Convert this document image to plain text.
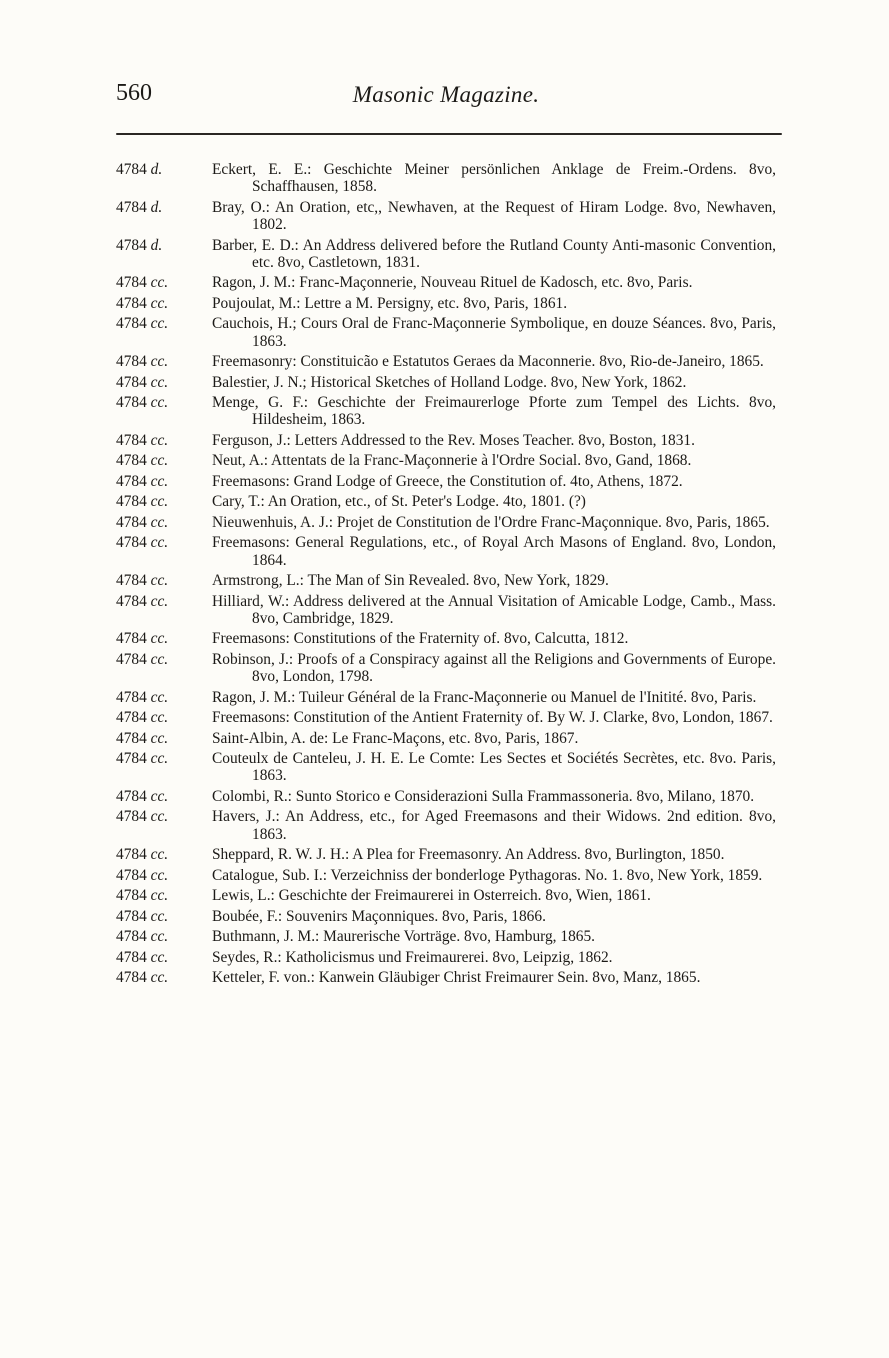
560	Masonic Magazine.
4784 d.	Eckert, E. E.: Geschichte Meiner persönlichen Anklage de Freim.-Ordens. 8vo, Schaffhausen, 1858.
4784 d.	Bray, O.: An Oration, etc,, Newhaven, at the Request of Hiram Lodge. 8vo, Newhaven, 1802.
4784 d.	Barber, E. D.: An Address delivered before the Rutland County Anti-masonic Convention, etc. 8vo, Castletown, 1831.
4784 cc.	Ragon, J. M.: Franc-Maçonnerie, Nouveau Rituel de Kadosch, etc. 8vo, Paris.
4784 cc.	Poujoulat, M.: Lettre a M. Persigny, etc. 8vo, Paris, 1861.
4784 cc.	Cauchois, H.; Cours Oral de Franc-Maçonnerie Symbolique, en douze Séances. 8vo, Paris, 1863.
4784 cc.	Freemasonry: Constituicão e Estatutos Geraes da Maconnerie. 8vo, Rio-de-Janeiro, 1865.
4784 cc.	Balestier, J. N.; Historical Sketches of Holland Lodge. 8vo, New York, 1862.
4784 cc.	Menge, G. F.: Geschichte der Freimaurerloge Pforte zum Tempel des Lichts. 8vo, Hildesheim, 1863.
4784 cc.	Ferguson, J.: Letters Addressed to the Rev. Moses Teacher. 8vo, Boston, 1831.
4784 cc.	Neut, A.: Attentats de la Franc-Maçonnerie à l'Ordre Social. 8vo, Gand, 1868.
4784 cc.	Freemasons: Grand Lodge of Greece, the Constitution of. 4to, Athens, 1872.
4784 cc.	Cary, T.: An Oration, etc., of St. Peter's Lodge. 4to, 1801. (?)
4784 cc.	Nieuwenhuis, A. J.: Projet de Constitution de l'Ordre Franc-Maçonnique. 8vo, Paris, 1865.
4784 cc.	Freemasons: General Regulations, etc., of Royal Arch Masons of England. 8vo, London, 1864.
4784 cc.	Armstrong, L.: The Man of Sin Revealed. 8vo, New York, 1829.
4784 cc.	Hilliard, W.: Address delivered at the Annual Visitation of Amicable Lodge, Camb., Mass. 8vo, Cambridge, 1829.
4784 cc.	Freemasons: Constitutions of the Fraternity of. 8vo, Calcutta, 1812.
4784 cc.	Robinson, J.: Proofs of a Conspiracy against all the Religions and Governments of Europe. 8vo, London, 1798.
4784 cc.	Ragon, J. M.: Tuileur Général de la Franc-Maçonnerie ou Manuel de l'Initité. 8vo, Paris.
4784 cc.	Freemasons: Constitution of the Antient Fraternity of. By W. J. Clarke, 8vo, London, 1867.
4784 cc.	Saint-Albin, A. de: Le Franc-Maçons, etc. 8vo, Paris, 1867.
4784 cc.	Couteulx de Canteleu, J. H. E. Le Comte: Les Sectes et Sociétés Secrètes, etc. 8vo. Paris, 1863.
4784 cc.	Colombi, R.: Sunto Storico e Considerazioni Sulla Frammassoneria. 8vo, Milano, 1870.
4784 cc.	Havers, J.: An Address, etc., for Aged Freemasons and their Widows. 2nd edition. 8vo, 1863.
4784 cc.	Sheppard, R. W. J. H.: A Plea for Freemasonry. An Address. 8vo, Burlington, 1850.
4784 cc.	Catalogue, Sub. I.: Verzeichniss der bonderloge Pythagoras. No. 1. 8vo, New York, 1859.
4784 cc.	Lewis, L.: Geschichte der Freimaurerei in Osterreich. 8vo, Wien, 1861.
4784 cc.	Boubée, F.: Souvenirs Maçonniques. 8vo, Paris, 1866.
4784 cc.	Buthmann, J. M.: Maurerische Vorträge. 8vo, Hamburg, 1865.
4784 cc.	Seydes, R.: Katholicismus und Freimaurerei. 8vo, Leipzig, 1862.
4784 cc.	Ketteler, F. von.: Kanwein Gläubiger Christ Freimaurer Sein. 8vo, Manz, 1865.
